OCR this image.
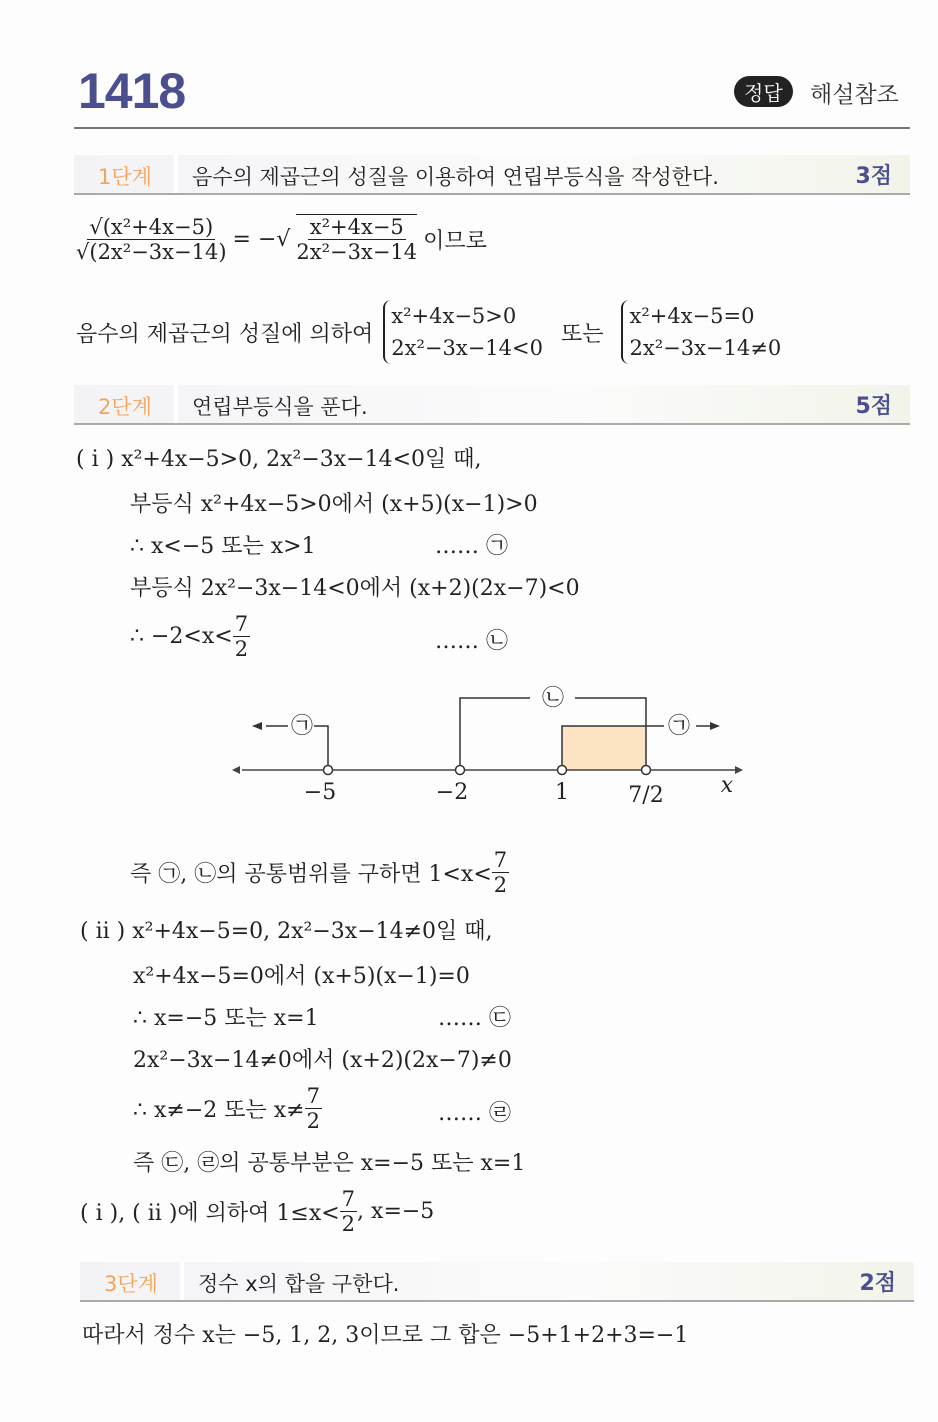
1418	정답	해설참조
1단계 음수의 제곱근의 성질을 이용하여 연립부등식을 작성한다.	3점
$\frac{\text{√(x²+4x−5)}}{\text{√(2x²−3x−14)}}$ = −√ $\frac{\text{x²+4x−5}}{\text{2x²−3x−14}}$ 이므로
음수의 제곱근의 성질에 의하여
x²+4x−5>0
2x²−3x−14<0
또는
x²+4x−5=0
2x²−3x−14≠0
2단계 연립부등식을 푼다.	5점
( i ) x²+4x−5>0, 2x²−3x−14<0일 때,
부등식 x²+4x−5>0에서 (x+5)(x−1)>0
∴ x<−5 또는 x>1	…… ㉠
부등식 2x²−3x−14<0에서 (x+2)(2x−7)<0
∴ $-2<x< \frac{7}{2}$	…… ㉡
㉠
㉡
㉠
−5	−2	1	7/2	x
즉 ㉠, ㉡의 공통범위를 구하면 $1<x< \frac{7}{2}$
( ii ) x²+4x−5=0, 2x²−3x−14≠0일 때,
x²+4x−5=0에서 (x+5)(x−1)=0
∴ x=−5 또는 x=1	…… ㉢
2x²−3x−14≠0에서 (x+2)(2x−7)≠0
∴ x≠−2 또는 $x\ne \frac{7}{2}$	…… ㉣
즉 ㉢, ㉣의 공통부분은 x=−5 또는 x=1
( i ), ( ii )에 의하여 $1\le x< \frac{7}{2}$ , x=−5
3단계 정수 x의 합을 구한다.	2점
따라서 정수 x는 −5, 1, 2, 3이므로 그 합은 −5+1+2+3=−1
